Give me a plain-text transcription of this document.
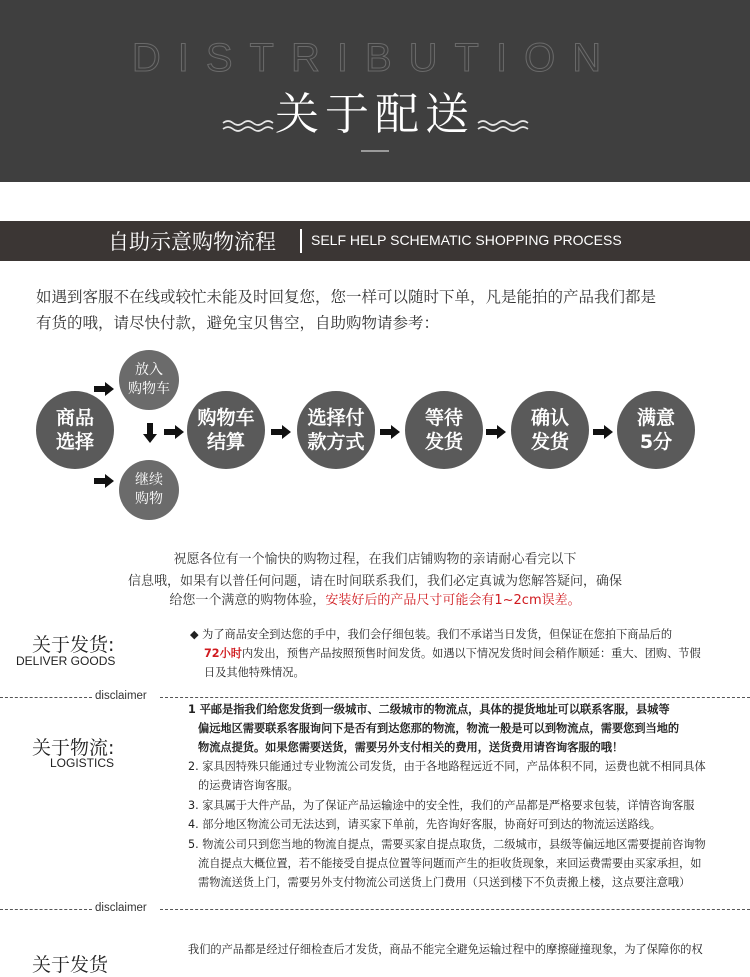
DISTRIBUTION
关于配送
自助示意购物流程	SELF HELP SCHEMATIC SHOPPING PROCESS
如遇到客服不在线或较忙未能及时回复您，您一样可以随时下单，凡是能拍的产品我们都是
有货的哦，请尽快付款，避免宝贝售空，自助购物请参考：
商品
选择
放入
购物车
继续
购物
购物车
结算
选择付
款方式
等待
发货
确认
发货
满意
5分
祝愿各位有一个愉快的购物过程，在我们店铺购物的亲请耐心看完以下
信息哦，如果有以普任何问题，请在时间联系我们，我们必定真诚为您解答疑问，确保
给您一个满意的购物体验，安装好后的产品尺寸可能会有1~2cm误差。
关于发货:
DELIVER GOODS
◆ 为了商品安全到达您的手中，我们会仔细包装。我们不承诺当日发货，但保证在您拍下商品后的
72小时内发出，预售产品按照预售时间发货。如遇以下情况发货时间会稍作顺延：重大、团购、节假
日及其他特殊情况。
disclaimer
关于物流:
LOGISTICS
1 平邮是指我们给您发货到一级城市、二级城市的物流点，具体的提货地址可以联系客服，县城等
偏远地区需要联系客服询问下是否有到达您那的物流，物流一般是可以到物流点，需要您到当地的
物流点提货。如果您需要送货，需要另外支付相关的费用，送货费用请咨询客服的哦！
2. 家具因特殊只能通过专业物流公司发货，由于各地路程远近不同，产品体积不同，运费也就不相同具体
的运费请咨询客服。
3. 家具属于大件产品，为了保证产品运输途中的安全性，我们的产品都是严格要求包装，详情咨询客服
4. 部分地区物流公司无法达到，请买家下单前，先咨询好客服，协商好可到达的物流运送路线。
5. 物流公司只到您当地的物流自提点，需要买家自提点取货，二级城市，县级等偏远地区需要提前咨询物
流自提点大概位置，若不能接受自提点位置等问题而产生的拒收货现象，来回运费需要由买家承担，如
需物流送货上门，需要另外支付物流公司送货上门费用（只送到楼下不负责搬上楼，这点要注意哦）
disclaimer
关于发货
我们的产品都是经过仔细检查后才发货，商品不能完全避免运输过程中的摩擦碰撞现象，为了保障你的权
